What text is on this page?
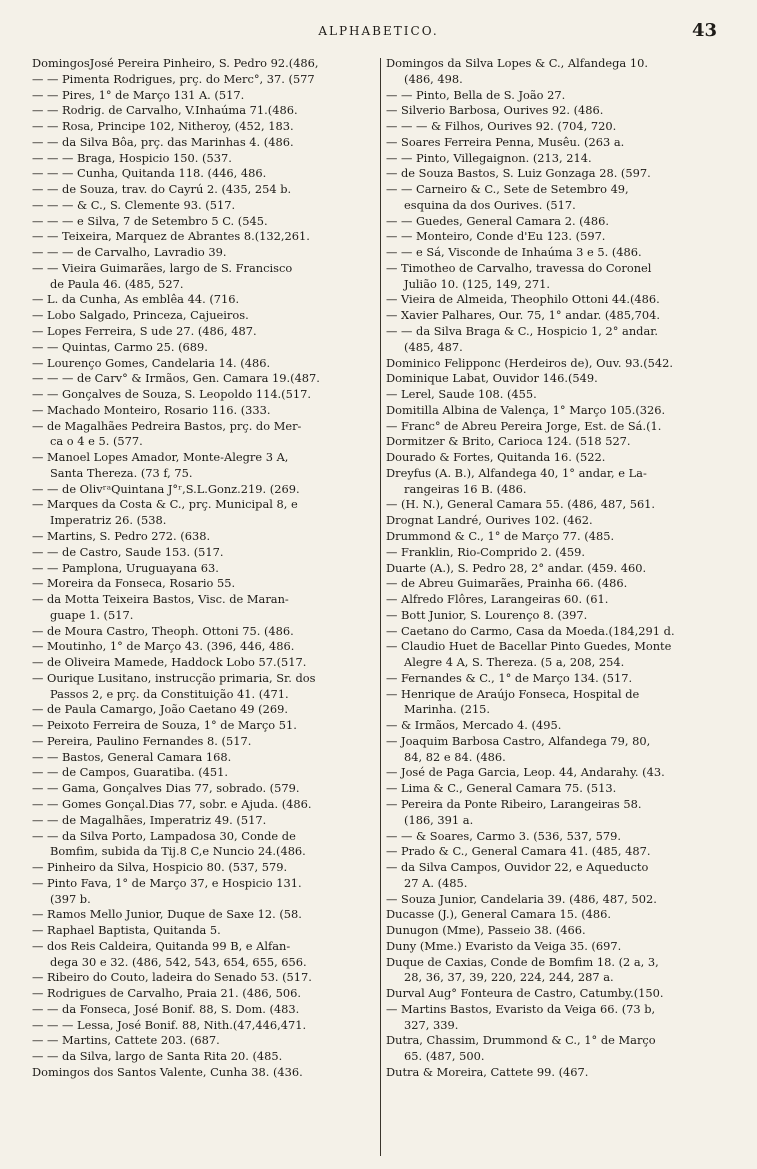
ALPHABETICO.	43
DomingosJosé Pereira Pinheiro, S. Pedro 92.(486,
— — Pimenta Rodrigues, prç. do Merc°, 37. (577
— — Pires, 1° de Março 131 A. (517.
— — Rodrig. de Carvalho, V.Inhaúma 71.(486.
— — Rosa, Principe 102, Nitheroy, (452, 183.
— — da Silva Bôa, prç. das Marinhas 4. (486.
— — — Braga, Hospicio 150. (537.
— — — Cunha, Quitanda 118. (446, 486.
— — de Souza, trav. do Cayrú 2. (435, 254 b.
— — — & C., S. Clemente 93. (517.
— — — e Silva, 7 de Setembro 5 C. (545.
— — Teixeira, Marquez de Abrantes 8.(132,261.
— — — de Carvalho, Lavradio 39.
— — Vieira Guimarães, largo de S. Francisco
de Paula 46. (485, 527.
— L. da Cunha, As emblêa 44. (716.
— Lobo Salgado, Princeza, Cajueiros.
— Lopes Ferreira, S ude 27. (486, 487.
— — Quintas, Carmo 25. (689.
— Lourenço Gomes, Candelaria 14. (486.
— — — de Carv° & Irmãos, Gen. Camara 19.(487.
— — Gonçalves de Souza, S. Leopoldo 114.(517.
— Machado Monteiro, Rosario 116. (333.
— de Magalhães Pedreira Bastos, prç. do Mer-
ca o 4 e 5. (577.
— Manoel Lopes Amador, Monte-Alegre 3 A,
Santa Thereza. (73 f, 75.
— — de OlivʳᵃQuintana J°ʳ,S.L.Gonz.219. (269.
— Marques da Costa & C., prç. Municipal 8, e
Imperatriz 26. (538.
— Martins, S. Pedro 272. (638.
— — de Castro, Saude 153. (517.
— — Pamplona, Uruguayana 63.
— Moreira da Fonseca, Rosario 55.
— da Motta Teixeira Bastos, Visc. de Maran-
guape 1. (517.
— de Moura Castro, Theoph. Ottoni 75. (486.
— Moutinho, 1° de Março 43. (396, 446, 486.
— de Oliveira Mamede, Haddock Lobo 57.(517.
— Ourique Lusitano, instrucção primaria, Sr. dos
Passos 2, e prç. da Constituição 41. (471.
— de Paula Camargo, João Caetano 49 (269.
— Peixoto Ferreira de Souza, 1° de Março 51.
— Pereira, Paulino Fernandes 8. (517.
— — Bastos, General Camara 168.
— — de Campos, Guaratiba. (451.
— — Gama, Gonçalves Dias 77, sobrado. (579.
— — Gomes Gonçal.Dias 77, sobr. e Ajuda. (486.
— — de Magalhães, Imperatriz 49. (517.
— — da Silva Porto, Lampadosa 30, Conde de
Bomfim, subida da Tij.8 C,e Nuncio 24.(486.
— Pinheiro da Silva, Hospicio 80. (537, 579.
— Pinto Fava, 1° de Março 37, e Hospicio 131.
(397 b.
— Ramos Mello Junior, Duque de Saxe 12. (58.
— Raphael Baptista, Quitanda 5.
— dos Reis Caldeira, Quitanda 99 B, e Alfan-
dega 30 e 32. (486, 542, 543, 654, 655, 656.
— Ribeiro do Couto, ladeira do Senado 53. (517.
— Rodrigues de Carvalho, Praia 21. (486, 506.
— — da Fonseca, José Bonif. 88, S. Dom. (483.
— — — Lessa, José Bonif. 88, Nith.(47,446,471.
— — Martins, Cattete 203. (687.
— — da Silva, largo de Santa Rita 20. (485.
Domingos dos Santos Valente, Cunha 38. (436.
Domingos da Silva Lopes & C., Alfandega 10.
(486, 498.
— — Pinto, Bella de S. João 27.
— Silverio Barbosa, Ourives 92. (486.
— — — & Filhos, Ourives 92. (704, 720.
— Soares Ferreira Penna, Musêu. (263 a.
— — Pinto, Villegaignon. (213, 214.
— de Souza Bastos, S. Luiz Gonzaga 28. (597.
— — Carneiro & C., Sete de Setembro 49,
esquina da dos Ourives. (517.
— — Guedes, General Camara 2. (486.
— — Monteiro, Conde d'Eu 123. (597.
— — e Sá, Visconde de Inhaúma 3 e 5. (486.
— Timotheo de Carvalho, travessa do Coronel
Julião 10. (125, 149, 271.
— Vieira de Almeida, Theophilo Ottoni 44.(486.
— Xavier Palhares, Our. 75, 1° andar. (485,704.
— — da Silva Braga & C., Hospicio 1, 2° andar.
(485, 487.
Dominico Felipponc (Herdeiros de), Ouv. 93.(542.
Dominique Labat, Ouvidor 146.(549.
— Lerel, Saude 108. (455.
Domitilla Albina de Valença, 1° Março 105.(326.
— Franc° de Abreu Pereira Jorge, Est. de Sá.(1.
Dormitzer & Brito, Carioca 124. (518 527.
Dourado & Fortes, Quitanda 16. (522.
Dreyfus (A. B.), Alfandega 40, 1° andar, e La-
rangeiras 16 B. (486.
— (H. N.), General Camara 55. (486, 487, 561.
Drognat Landré, Ourives 102. (462.
Drummond & C., 1° de Março 77. (485.
— Franklin, Rio-Comprido 2. (459.
Duarte (A.), S. Pedro 28, 2° andar. (459. 460.
— de Abreu Guimarães, Prainha 66. (486.
— Alfredo Flôres, Larangeiras 60. (61.
— Bott Junior, S. Lourenço 8. (397.
— Caetano do Carmo, Casa da Moeda.(184,291 d.
— Claudio Huet de Bacellar Pinto Guedes, Monte
Alegre 4 A, S. Thereza. (5 a, 208, 254.
— Fernandes & C., 1° de Março 134. (517.
— Henrique de Araújo Fonseca, Hospital de
Marinha. (215.
— & Irmãos, Mercado 4. (495.
— Joaquim Barbosa Castro, Alfandega 79, 80,
84, 82 e 84. (486.
— José de Paga Garcia, Leop. 44, Andarahy. (43.
— Lima & C., General Camara 75. (513.
— Pereira da Ponte Ribeiro, Larangeiras 58.
(186, 391 a.
— — & Soares, Carmo 3. (536, 537, 579.
— Prado & C., General Camara 41. (485, 487.
— da Silva Campos, Ouvidor 22, e Aqueducto
27 A. (485.
— Souza Junior, Candelaria 39. (486, 487, 502.
Ducasse (J.), General Camara 15. (486.
Dunugon (Mme), Passeio 38. (466.
Duny (Mme.) Evaristo da Veiga 35. (697.
Duque de Caxias, Conde de Bomfim 18. (2 a, 3,
28, 36, 37, 39, 220, 224, 244, 287 a.
Durval Aug° Fonteura de Castro, Catumby.(150.
— Martins Bastos, Evaristo da Veiga 66. (73 b,
327, 339.
Dutra, Chassim, Drummond & C., 1° de Março
65. (487, 500.
Dutra & Moreira, Cattete 99. (467.
